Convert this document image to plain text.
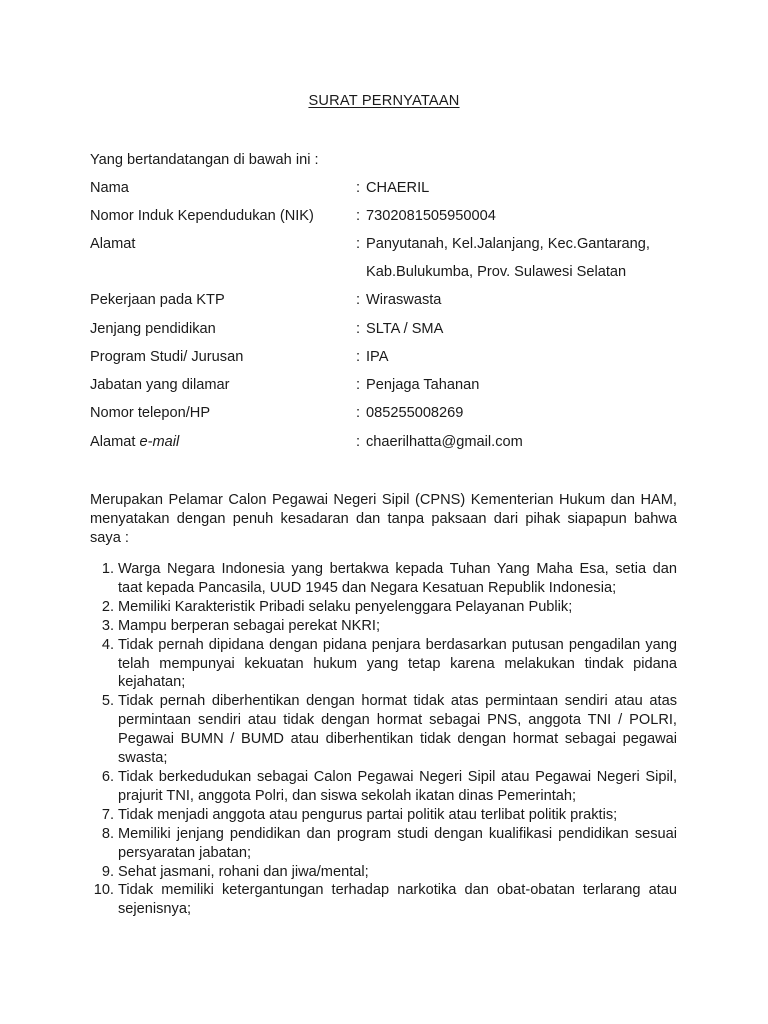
SURAT PERNYATAAN
Yang bertandatangan di bawah ini :
Nama	: CHAERIL
Nomor Induk Kependudukan (NIK)	: 7302081505950004
Alamat	: Panyutanah, Kel.Jalanjang, Kec.Gantarang,
Kab.Bulukumba, Prov. Sulawesi Selatan
Pekerjaan pada KTP	: Wiraswasta
Jenjang pendidikan	: SLTA / SMA
Program Studi/ Jurusan	: IPA
Jabatan yang dilamar	: Penjaga Tahanan
Nomor telepon/HP	: 085255008269
Alamat e-mail	: chaerilhatta@gmail.com
Merupakan Pelamar Calon Pegawai Negeri Sipil (CPNS) Kementerian Hukum dan HAM, menyatakan dengan penuh kesadaran dan tanpa paksaan dari pihak siapapun bahwa saya :
1. Warga Negara Indonesia yang bertakwa kepada Tuhan Yang Maha Esa, setia dan taat kepada Pancasila, UUD 1945 dan Negara Kesatuan Republik Indonesia;
2. Memiliki Karakteristik Pribadi selaku penyelenggara Pelayanan Publik;
3. Mampu berperan sebagai perekat NKRI;
4. Tidak pernah dipidana dengan pidana penjara berdasarkan putusan pengadilan yang telah mempunyai kekuatan hukum yang tetap karena melakukan tindak pidana kejahatan;
5. Tidak pernah diberhentikan dengan hormat tidak atas permintaan sendiri atau atas permintaan sendiri atau tidak dengan hormat sebagai PNS, anggota TNI / POLRI, Pegawai BUMN / BUMD atau diberhentikan tidak dengan hormat sebagai pegawai swasta;
6. Tidak berkedudukan sebagai Calon Pegawai Negeri Sipil atau Pegawai Negeri Sipil, prajurit TNI, anggota Polri, dan siswa sekolah ikatan dinas Pemerintah;
7. Tidak menjadi anggota atau pengurus partai politik atau terlibat politik praktis;
8. Memiliki jenjang pendidikan dan program studi dengan kualifikasi pendidikan sesuai persyaratan jabatan;
9. Sehat jasmani, rohani dan jiwa/mental;
10. Tidak memiliki ketergantungan terhadap narkotika dan obat-obatan terlarang atau sejenisnya;
